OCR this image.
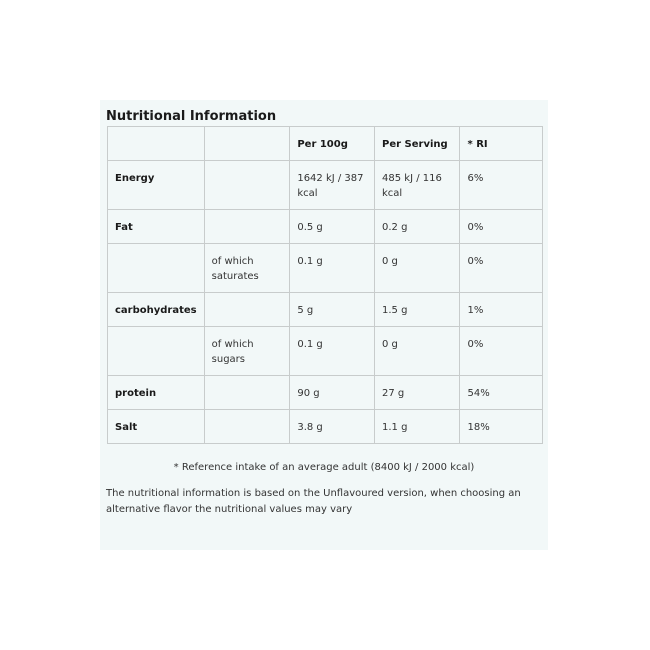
Nutritional Information
		Per 100g	Per Serving	* RI
Energy		1642 kJ / 387 kcal	485 kJ / 116 kcal	6%
Fat		0.5 g	0.2 g	0%
	of which saturates	0.1 g	0 g	0%
carbohydrates		5 g	1.5 g	1%
	of which sugars	0.1 g	0 g	0%
protein		90 g	27 g	54%
Salt		3.8 g	1.1 g	18%
* Reference intake of an average adult (8400 kJ / 2000 kcal)
The nutritional information is based on the Unflavoured version, when choosing an alternative flavor the nutritional values may vary
